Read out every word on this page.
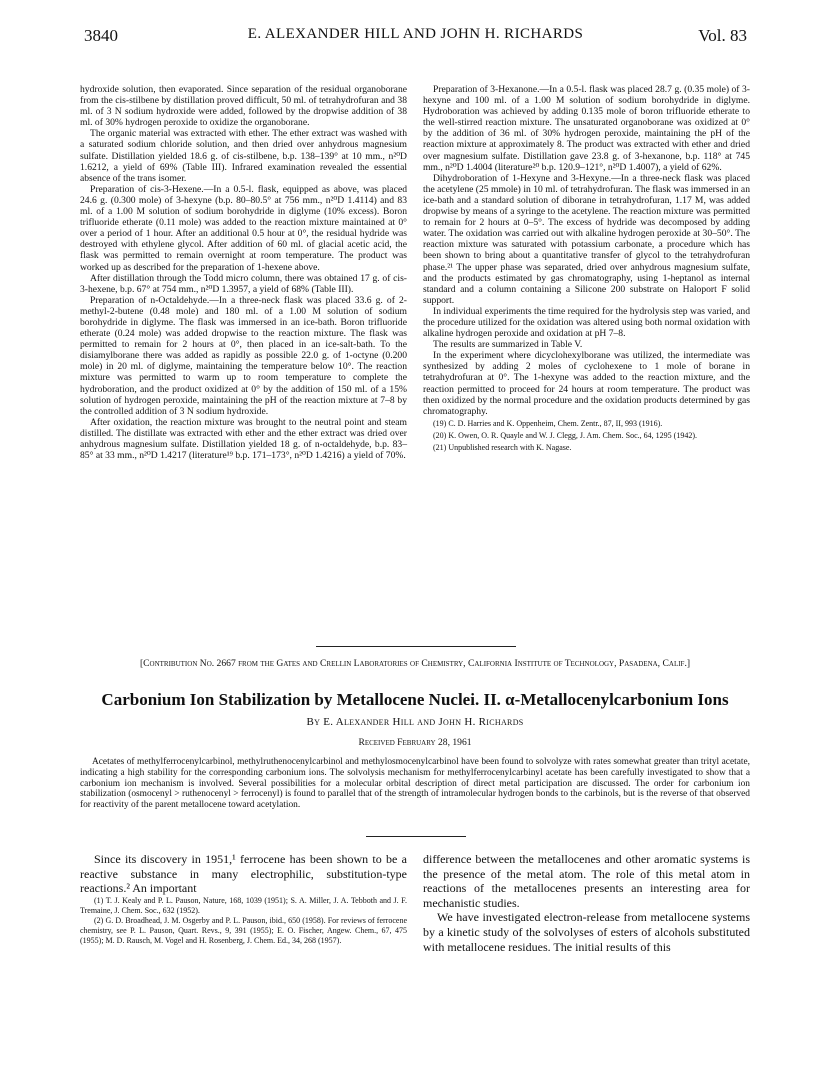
3840	E. ALEXANDER HILL AND JOHN H. RICHARDS	Vol. 83

hydroxide solution, then evaporated. Since separation of the residual organoborane from the cis-stilbene by distillation proved difficult, 50 ml. of tetrahydrofuran and 38 ml. of 3 N sodium hydroxide were added, followed by the dropwise addition of 38 ml. of 30% hydrogen peroxide to oxidize the organoborane.

The organic material was extracted with ether. The ether extract was washed with a saturated sodium chloride solution, and then dried over anhydrous magnesium sulfate. Distillation yielded 18.6 g. of cis-stilbene, b.p. 138–139° at 10 mm., n²⁰D 1.6212, a yield of 69% (Table III). Infrared examination revealed the essential absence of the trans isomer.

Preparation of cis-3-Hexene.—In a 0.5-l. flask, equipped as above, was placed 24.6 g. (0.300 mole) of 3-hexyne (b.p. 80–80.5° at 756 mm., n²⁰D 1.4114) and 83 ml. of a 1.00 M solution of sodium borohydride in diglyme (10% excess). Boron trifluoride etherate (0.11 mole) was added to the reaction mixture maintained at 0° over a period of 1 hour. After an additional 0.5 hour at 0°, the residual hydride was destroyed with ethylene glycol. After addition of 60 ml. of glacial acetic acid, the flask was permitted to remain overnight at room temperature. The product was worked up as described for the preparation of 1-hexene above.

After distillation through the Todd micro column, there was obtained 17 g. of cis-3-hexene, b.p. 67° at 754 mm., n²⁰D 1.3957, a yield of 68% (Table III).

Preparation of n-Octaldehyde.—In a three-neck flask was placed 33.6 g. of 2-methyl-2-butene (0.48 mole) and 180 ml. of a 1.00 M solution of sodium borohydride in diglyme. The flask was immersed in an ice-bath. Boron trifluoride etherate (0.24 mole) was added dropwise to the reaction mixture. The flask was permitted to remain for 2 hours at 0°, then placed in an ice-salt-bath. To the disiamylborane there was added as rapidly as possible 22.0 g. of 1-octyne (0.200 mole) in 20 ml. of diglyme, maintaining the temperature below 10°. The reaction mixture was permitted to warm up to room temperature to complete the hydroboration, and the product oxidized at 0° by the addition of 150 ml. of a 15% solution of hydrogen peroxide, maintaining the pH of the reaction mixture at 7–8 by the controlled addition of 3 N sodium hydroxide.

After oxidation, the reaction mixture was brought to the neutral point and steam distilled. The distillate was extracted with ether and the ether extract was dried over anhydrous magnesium sulfate. Distillation yielded 18 g. of n-octaldehyde, b.p. 83–85° at 33 mm., n²⁰D 1.4217 (literature¹⁹ b.p. 171–173°, n²⁰D 1.4216) a yield of 70%.

Preparation of 3-Hexanone.—In a 0.5-l. flask was placed 28.7 g. (0.35 mole) of 3-hexyne and 100 ml. of a 1.00 M solution of sodium borohydride in diglyme. Hydroboration was achieved by adding 0.135 mole of boron trifluoride etherate to the well-stirred reaction mixture. The unsaturated organoborane was oxidized at 0° by the addition of 36 ml. of 30% hydrogen peroxide, maintaining the pH of the reaction mixture at approximately 8. The product was extracted with ether and dried over magnesium sulfate. Distillation gave 23.8 g. of 3-hexanone, b.p. 118° at 745 mm., n²⁰D 1.4004 (literature²⁰ b.p. 120.9–121°, n²⁰D 1.4007), a yield of 62%.

Dihydroboration of 1-Hexyne and 3-Hexyne.—In a three-neck flask was placed the acetylene (25 mmole) in 10 ml. of tetrahydrofuran. The flask was immersed in an ice-bath and a standard solution of diborane in tetrahydrofuran, 1.17 M, was added dropwise by means of a syringe to the acetylene. The reaction mixture was permitted to remain for 2 hours at 0–5°. The excess of hydride was decomposed by adding water. The oxidation was carried out with alkaline hydrogen peroxide at 30–50°. The reaction mixture was saturated with potassium carbonate, a procedure which has been shown to bring about a quantitative transfer of glycol to the tetrahydrofuran phase.²¹ The upper phase was separated, dried over anhydrous magnesium sulfate, and the products estimated by gas chromatography, using 1-heptanol as internal standard and a column containing a Silicone 200 substrate on Haloport F solid support.

In individual experiments the time required for the hydrolysis step was varied, and the procedure utilized for the oxidation was altered using both normal oxidation with alkaline hydrogen peroxide and oxidation at pH 7–8.

The results are summarized in Table V.

In the experiment where dicyclohexylborane was utilized, the intermediate was synthesized by adding 2 moles of cyclohexene to 1 mole of borane in tetrahydrofuran at 0°. The 1-hexyne was added to the reaction mixture, and the reaction permitted to proceed for 24 hours at room temperature. The product was then oxidized by the normal procedure and the oxidation products determined by gas chromatography.

(19) C. D. Harries and K. Oppenheim, Chem. Zentr., 87, II, 993 (1916).

(20) K. Owen, O. R. Quayle and W. J. Clegg, J. Am. Chem. Soc., 64, 1295 (1942).

(21) Unpublished research with K. Nagase.

[Contribution No. 2667 from the Gates and Crellin Laboratories of Chemistry, California Institute of Technology, Pasadena, Calif.]
Carbonium Ion Stabilization by Metallocene Nuclei. II. α-Metallocenylcarbonium Ions
By E. Alexander Hill and John H. Richards
Received February 28, 1961
Acetates of methylferrocenylcarbinol, methylruthenocenylcarbinol and methylosmocenylcarbinol have been found to solvolyze with rates somewhat greater than trityl acetate, indicating a high stability for the corresponding carbonium ions. The solvolysis mechanism for methylferrocenylcarbinyl acetate has been carefully investigated to show that a carbonium ion mechanism is involved. Several possibilities for a molecular orbital description of direct metal participation are discussed. The order for carbonium ion stabilization (osmocenyl > ruthenocenyl > ferrocenyl) is found to parallel that of the strength of intramolecular hydrogen bonds to the carbinols, but is the reverse of that observed for reactivity of the parent metallocene toward acetylation.

Since its discovery in 1951,¹ ferrocene has been shown to be a reactive substance in many electrophilic, substitution-type reactions.² An important

(1) T. J. Kealy and P. L. Pauson, Nature, 168, 1039 (1951); S. A. Miller, J. A. Tebboth and J. F. Tremaine, J. Chem. Soc., 632 (1952).

(2) G. D. Broadhead, J. M. Osgerby and P. L. Pauson, ibid., 650 (1958). For reviews of ferrocene chemistry, see P. L. Pauson, Quart. Revs., 9, 391 (1955); E. O. Fischer, Angew. Chem., 67, 475 (1955); M. D. Rausch, M. Vogel and H. Rosenberg, J. Chem. Ed., 34, 268 (1957).

difference between the metallocenes and other aromatic systems is the presence of the metal atom. The role of this metal atom in reactions of the metallocenes presents an interesting area for mechanistic studies.

We have investigated electron-release from metallocene systems by a kinetic study of the solvolyses of esters of alcohols substituted with metallocene residues. The initial results of this
